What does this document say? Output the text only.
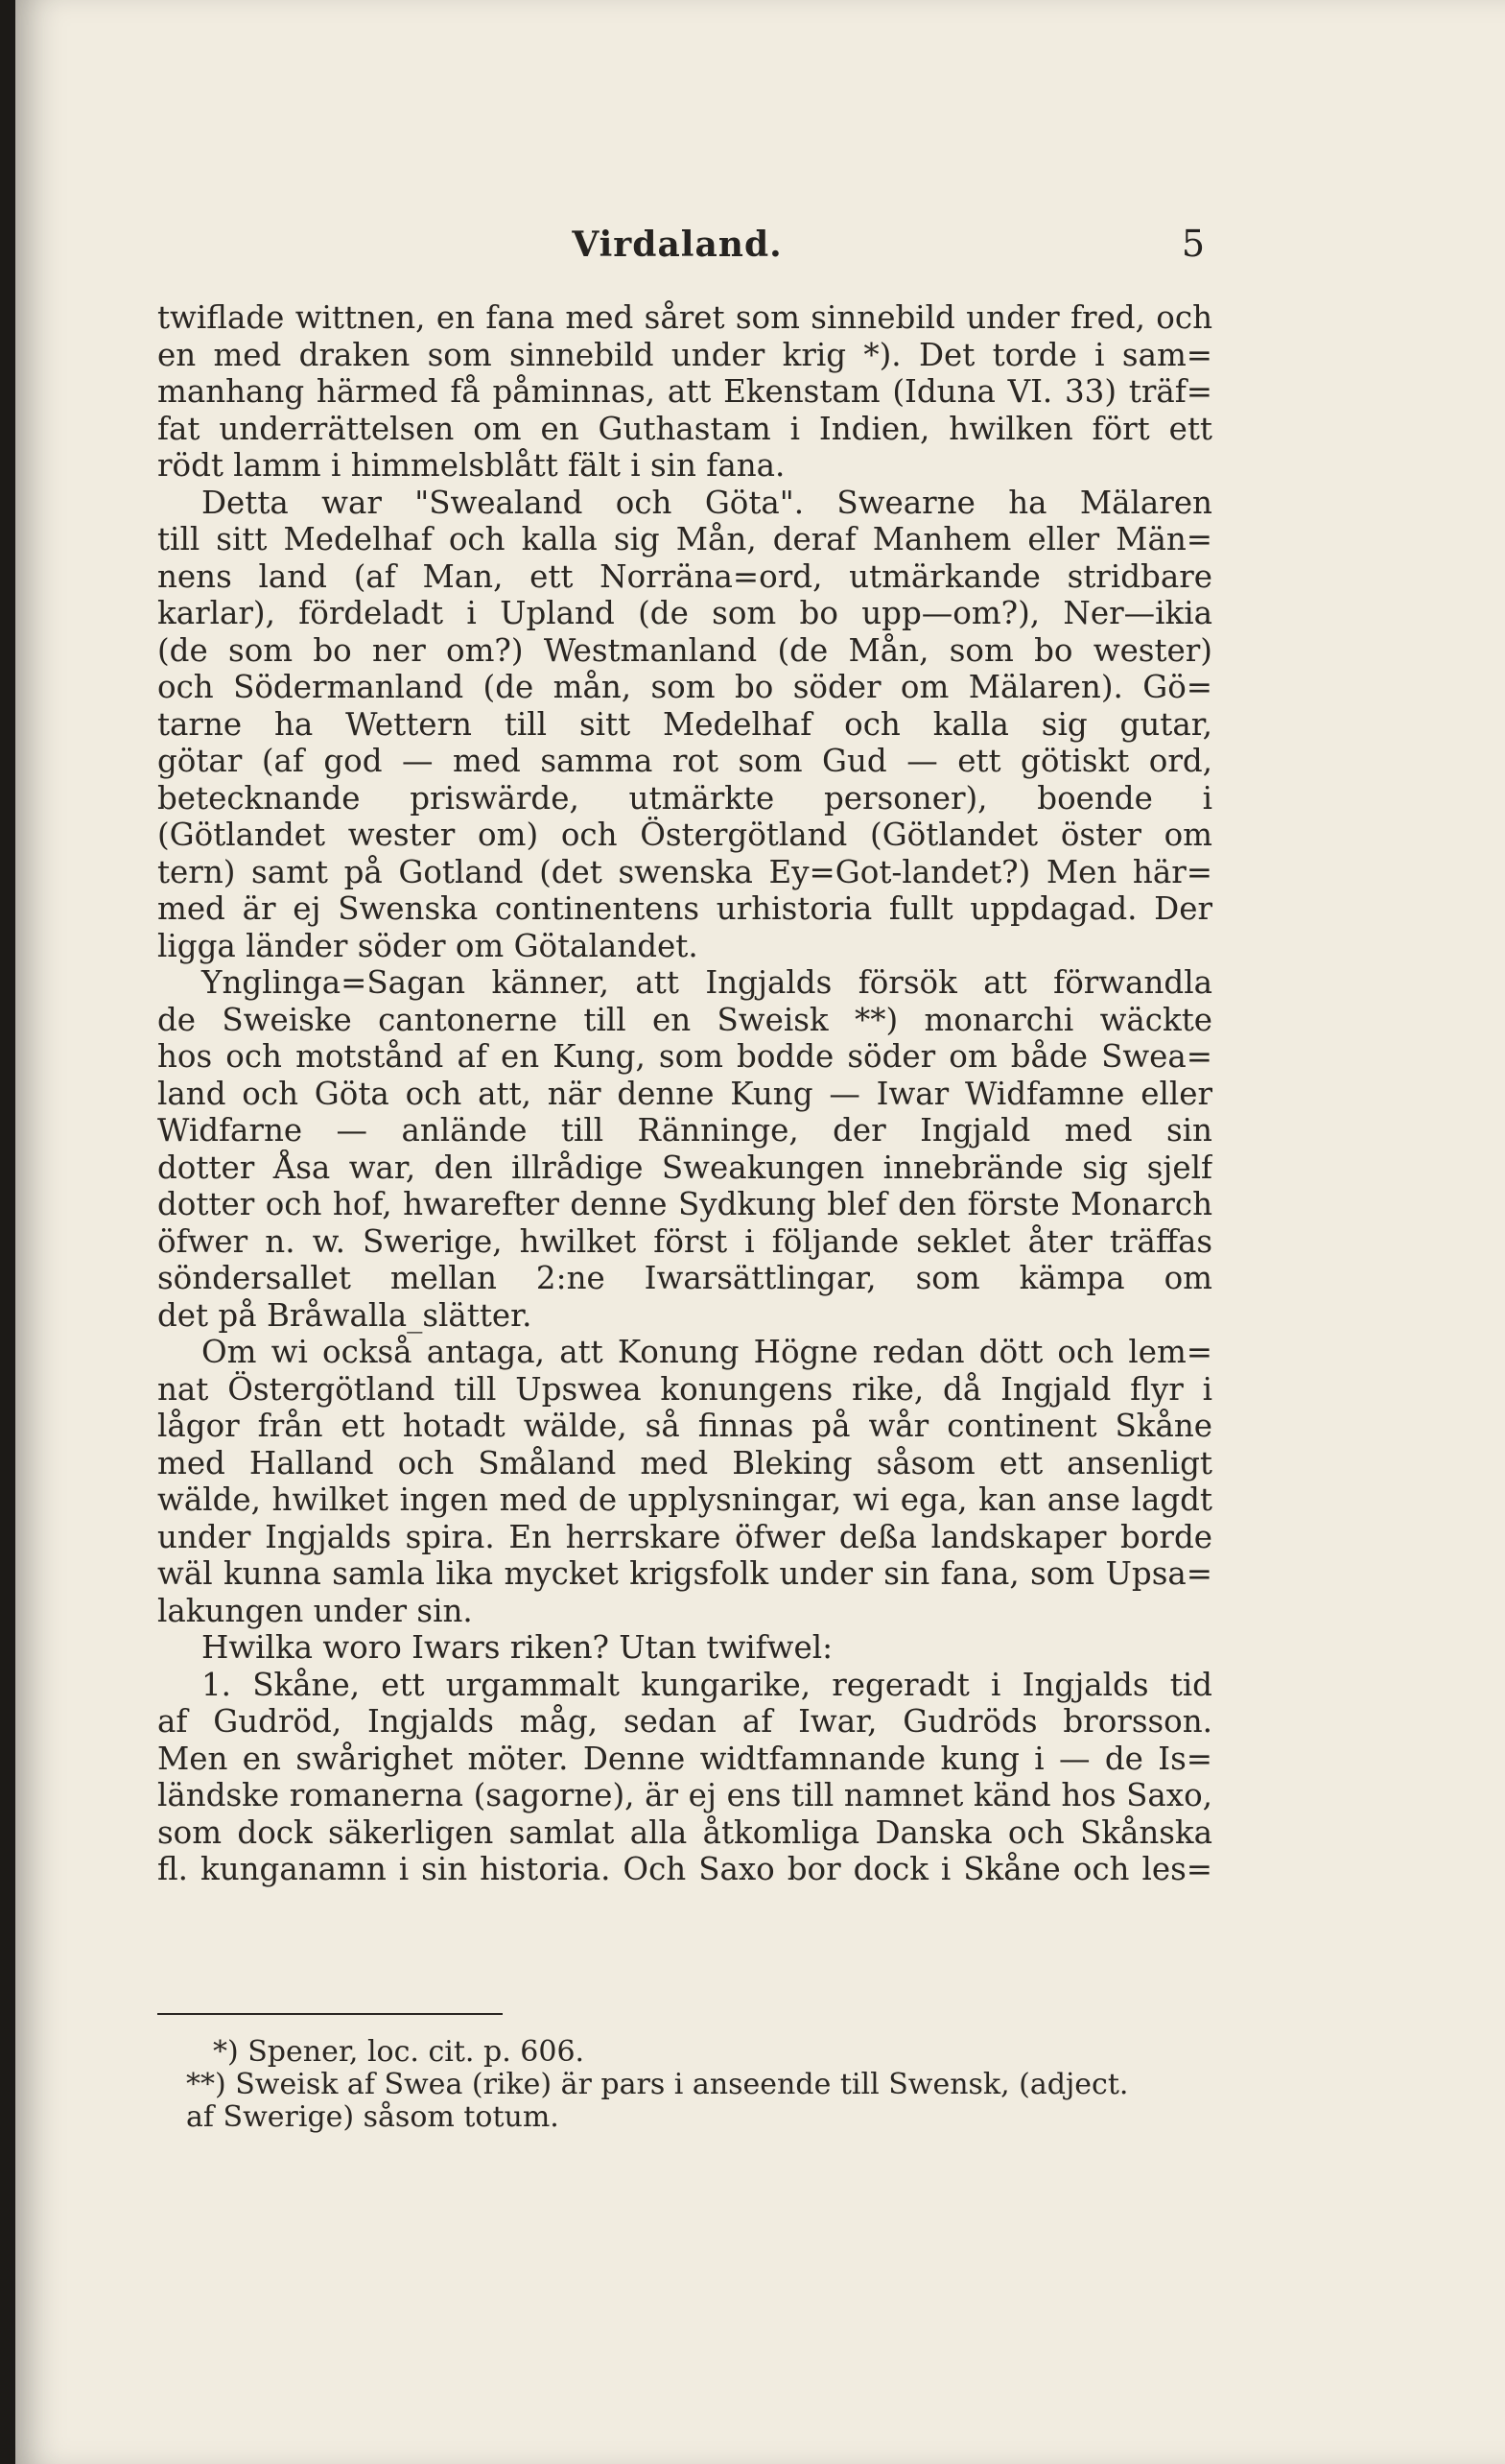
Virdaland.	5
twiflade wittnen, en fana med såret som sinnebild under fred, och
en med draken som sinnebild under krig *). Det torde i sam=
manhang härmed få påminnas, att Ekenstam (Iduna VI. 33) träf=
fat underrättelsen om en Guthastam i Indien, hwilken fört ett
rödt lamm i himmelsblått fält i sin fana.
Detta war "Swealand och Göta". Swearne ha Mälaren
till sitt Medelhaf och kalla sig Mån, deraf Manhem eller Män=
nens land (af Man, ett Norräna=ord, utmärkande stridbare
karlar), fördeladt i Upland (de som bo upp—om?), Ner—ikia
(de som bo ner om?) Westmanland (de Mån, som bo wester)
och Södermanland (de mån, som bo söder om Mälaren). Gö=
tarne ha Wettern till sitt Medelhaf och kalla sig gutar,
götar (af god — med samma rot som Gud — ett götiskt ord,
betecknande priswärde, utmärkte personer), boende i
(Götlandet wester om) och Östergötland (Götlandet öster om
tern) samt på Gotland (det swenska Ey=Got-landet?) Men här=
med är ej Swenska continentens urhistoria fullt uppdagad. Der
ligga länder söder om Götalandet.
Ynglinga=Sagan känner, att Ingjalds försök att förwandla
de Sweiske cantonerne till en Sweisk **) monarchi wäckte
hos och motstånd af en Kung, som bodde söder om både Swea=
land och Göta och att, när denne Kung — Iwar Widfamne eller
Widfarne — anlände till Ränninge, der Ingjald med sin
dotter Åsa war, den illrådige Sweakungen innebrände sig sjelf
dotter och hof, hwarefter denne Sydkung blef den förste Monarch
öfwer n. w. Swerige, hwilket först i följande seklet åter träffas
söndersallet mellan 2:ne Iwarsättlingar, som kämpa om
det på Bråwalla_slätter.
Om wi också antaga, att Konung Högne redan dött och lem=
nat Östergötland till Upswea konungens rike, då Ingjald flyr i
lågor från ett hotadt wälde, så finnas på wår continent Skåne
med Halland och Småland med Bleking såsom ett ansenligt
wälde, hwilket ingen med de upplysningar, wi ega, kan anse lagdt
under Ingjalds spira. En herrskare öfwer deßa landskaper borde
wäl kunna samla lika mycket krigsfolk under sin fana, som Upsa=
lakungen under sin.
Hwilka woro Iwars riken? Utan twifwel:
1. Skåne, ett urgammalt kungarike, regeradt i Ingjalds tid
af Gudröd, Ingjalds måg, sedan af Iwar, Gudröds brorsson.
Men en swårighet möter. Denne widtfamnande kung i — de Is=
ländske romanerna (sagorne), är ej ens till namnet känd hos Saxo,
som dock säkerligen samlat alla åtkomliga Danska och Skånska
fl. kunganamn i sin historia. Och Saxo bor dock i Skåne och les=
*) Spener, loc. cit. p. 606.
**) Sweisk af Swea (rike) är pars i anseende till Swensk, (adject.
af Swerige) såsom totum.
